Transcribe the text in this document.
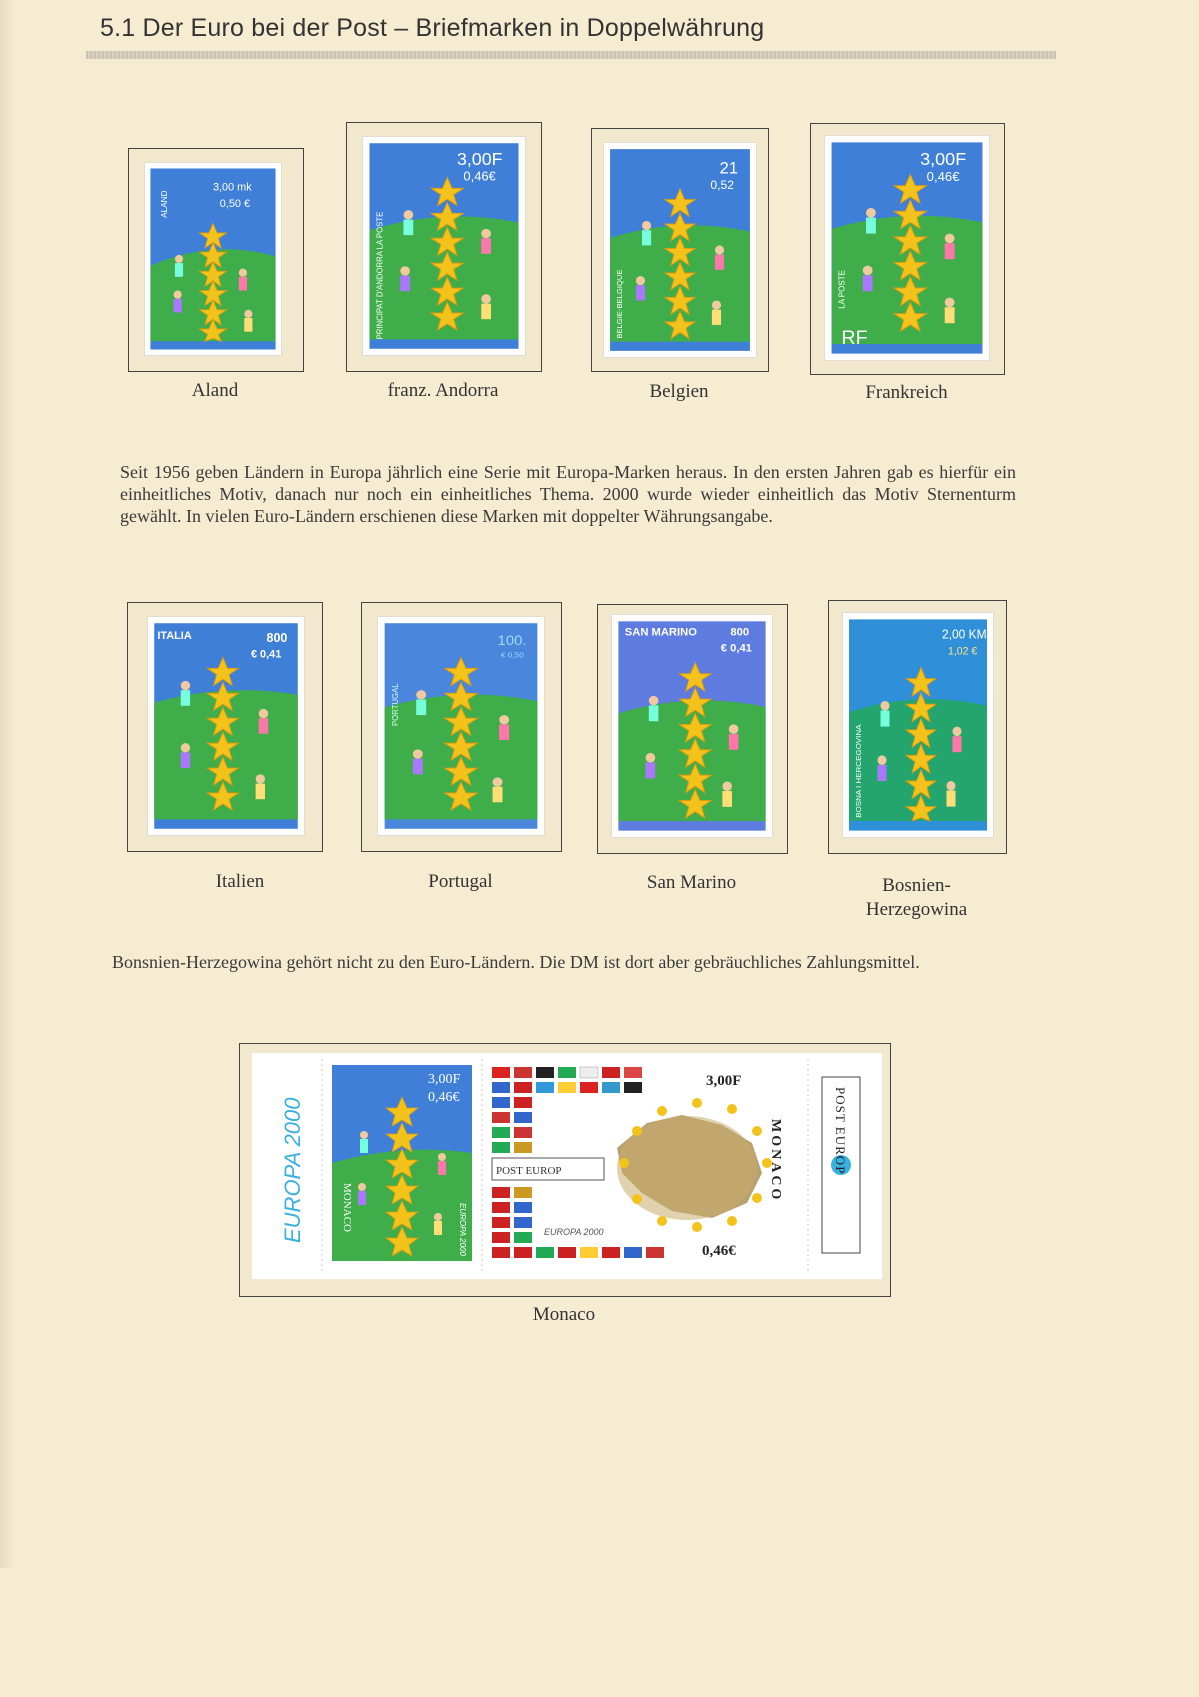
5.1 Der Euro bei der Post – Briefmarken in Doppelwährung
ALAND
3,00 mk
0,50 €
Aland
PRINCIPAT D'ANDORRA LA POSTE
3,00F
0,46€
franz. Andorra
BELGIE-BELGIQUE
21
0,52
Belgien
LA POSTE
RF
3,00F
0,46€
Frankreich
Seit 1956 geben Ländern in Europa jährlich eine Serie mit Europa-Marken heraus. In den ersten Jahren gab es hierfür ein einheitliches Motiv, danach nur noch ein einheitliches Thema. 2000 wurde wieder einheitlich das Motiv Sternenturm gewählt. In vielen Euro-Ländern erschienen diese Marken mit doppelter Währungsangabe.
ITALIA	800
€ 0,41
Italien
PORTUGAL
100.
€ 0,50
Portugal
SAN MARINO	800
€ 0,41
San Marino
BOSNA I HERCEGOVINA
2,00 KM
1,02 €
Bosnien-
Herzegowina
Bonsnien-Herzegowina gehört nicht zu den Euro-Ländern. Die DM ist dort aber gebräuchliches Zahlungsmittel.
EUROPA 2000
3,00F
0,46€
MONACO	EUROPA 2000
POST EUROP
3,00F
0,46€
MONACO
EUROPA 2000
POST EUROP
Monaco
